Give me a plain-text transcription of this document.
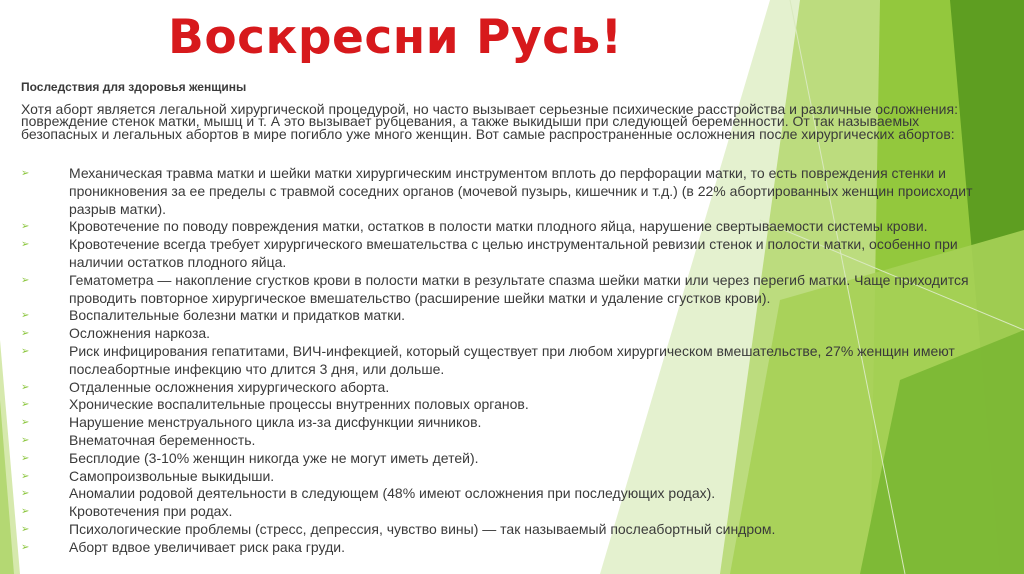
Воскресни Русь!
Последствия для здоровья женщины
Хотя аборт является легальной хирургической процедурой, но часто вызывает серьезные психические расстройства и различные осложнения: повреждение стенок матки, мышц и т. А это вызывает рубцевания, а также выкидыши при следующей беременности. От так называемых безопасных и легальных абортов в мире погибло уже много женщин. Вот самые распространенные осложнения после хирургических абортов:
➢	Механическая травма матки и шейки матки хирургическим инструментом вплоть до перфорации матки, то есть повреждения стенки и проникновения за ее пределы с травмой соседних органов (мочевой пузырь, кишечник и т.д.) (в 22% абортированных женщин происходит разрыв матки).
➢	Кровотечение по поводу повреждения матки, остатков в полости матки плодного яйца, нарушение свертываемости системы крови.
➢	Кровотечение всегда требует хирургического вмешательства с целью инструментальной ревизии стенок и полости матки, особенно при наличии остатков плодного яйца.
➢	Гематометра — накопление сгустков крови в полости матки в результате спазма шейки матки или через перегиб матки. Чаще приходится проводить повторное хирургическое вмешательство (расширение шейки матки и удаление сгустков крови).
➢	Воспалительные болезни матки и придатков матки.
➢	Осложнения наркоза.
➢	Риск инфицирования гепатитами, ВИЧ-инфекцией, который существует при любом хирургическом вмешательстве, 27% женщин имеют послеабортные инфекцию что длится 3 дня, или дольше.
➢	Отдаленные осложнения хирургического аборта.
➢	Хронические воспалительные процессы внутренних половых органов.
➢	Нарушение менструального цикла из-за дисфункции яичников.
➢	Внематочная беременность.
➢	Бесплодие (3-10% женщин никогда уже не могут иметь детей).
➢	Самопроизвольные выкидыши.
➢	Аномалии родовой деятельности в следующем (48% имеют осложнения при последующих родах).
➢	Кровотечения при родах.
➢	Психологические проблемы (стресс, депрессия, чувство вины) — так называемый послеабортный синдром.
➢	Аборт вдвое увеличивает риск рака груди.
